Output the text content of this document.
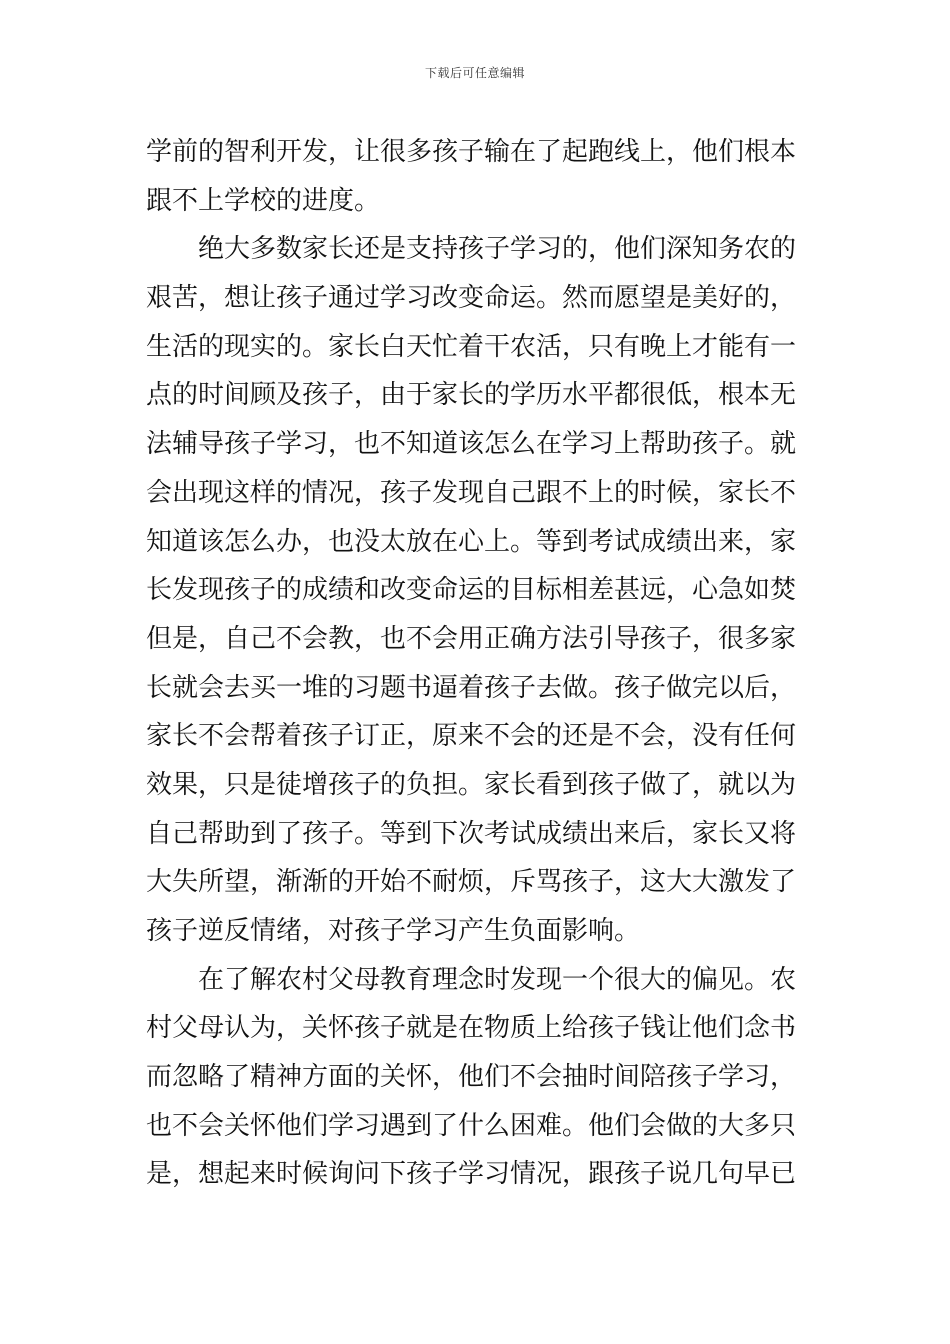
下载后可任意编辑
学前的智利开发，让很多孩子输在了起跑线上，他们根本
跟不上学校的进度。
绝大多数家长还是支持孩子学习的，他们深知务农的
艰苦，想让孩子通过学习改变命运。然而愿望是美好的，
生活的现实的。家长白天忙着干农活，只有晚上才能有一
点的时间顾及孩子，由于家长的学历水平都很低，根本无
法辅导孩子学习，也不知道该怎么在学习上帮助孩子。就
会出现这样的情况，孩子发现自己跟不上的时候，家长不
知道该怎么办，也没太放在心上。等到考试成绩出来，家
长发现孩子的成绩和改变命运的目标相差甚远，心急如焚
但是，自己不会教，也不会用正确方法引导孩子，很多家
长就会去买一堆的习题书逼着孩子去做。孩子做完以后，
家长不会帮着孩子订正，原来不会的还是不会，没有任何
效果，只是徒增孩子的负担。家长看到孩子做了，就以为
自己帮助到了孩子。等到下次考试成绩出来后，家长又将
大失所望，渐渐的开始不耐烦，斥骂孩子，这大大激发了
孩子逆反情绪，对孩子学习产生负面影响。
在了解农村父母教育理念时发现一个很大的偏见。农
村父母认为，关怀孩子就是在物质上给孩子钱让他们念书
而忽略了精神方面的关怀，他们不会抽时间陪孩子学习，
也不会关怀他们学习遇到了什么困难。他们会做的大多只
是，想起来时候询问下孩子学习情况，跟孩子说几句早已
